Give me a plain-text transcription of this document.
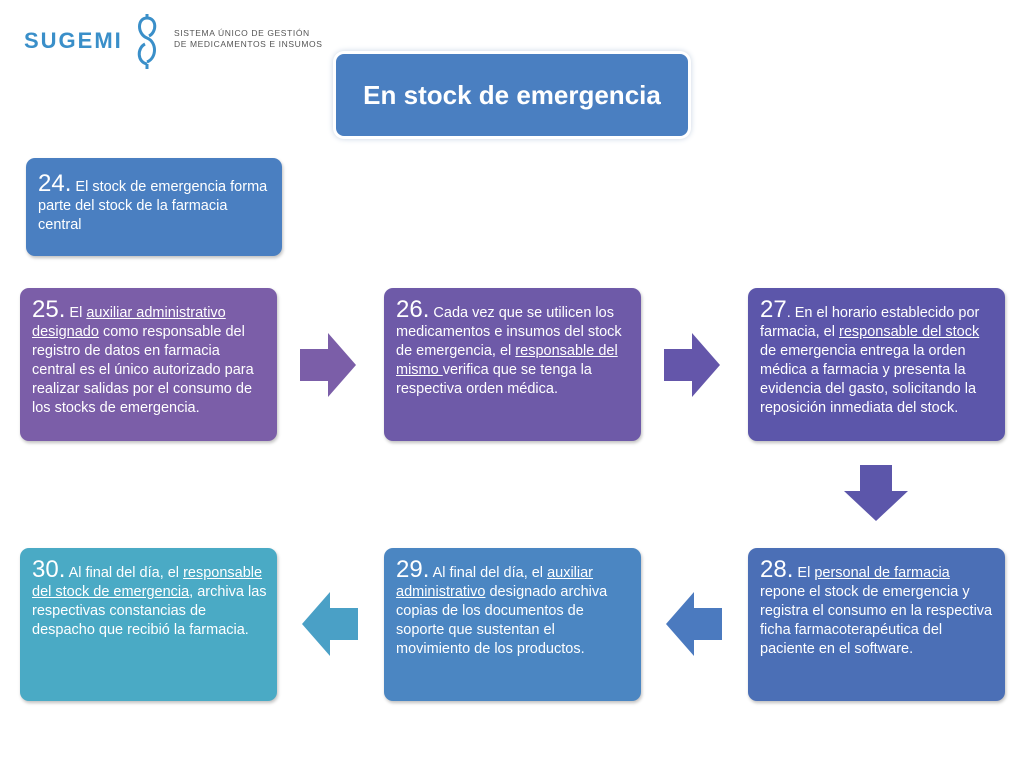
SUGEMI	SISTEMA ÚNICO DE GESTIÓN
DE MEDICAMENTOS E INSUMOS
En stock de emergencia
24. El stock de emergencia forma parte del stock de la farmacia central
25. El auxiliar administrativo designado como responsable del registro de datos en farmacia central es el único autorizado para realizar salidas por el consumo de los stocks de emergencia.
26. Cada vez que se utilicen los medicamentos e insumos del stock de emergencia, el responsable del mismo verifica que se tenga la respectiva orden médica.
27. En el horario establecido por farmacia, el responsable del stock de emergencia entrega la orden médica a farmacia y presenta la evidencia del gasto, solicitando la reposición inmediata del stock.
28. El personal de farmacia repone el stock de emergencia y registra el consumo en la respectiva ficha farmacoterapéutica del paciente en el software.
29. Al final del día, el auxiliar administrativo designado archiva copias de los documentos de soporte que sustentan el movimiento de los productos.
30. Al final del día, el responsable del stock de emergencia, archiva las respectivas constancias de despacho que recibió la farmacia.
